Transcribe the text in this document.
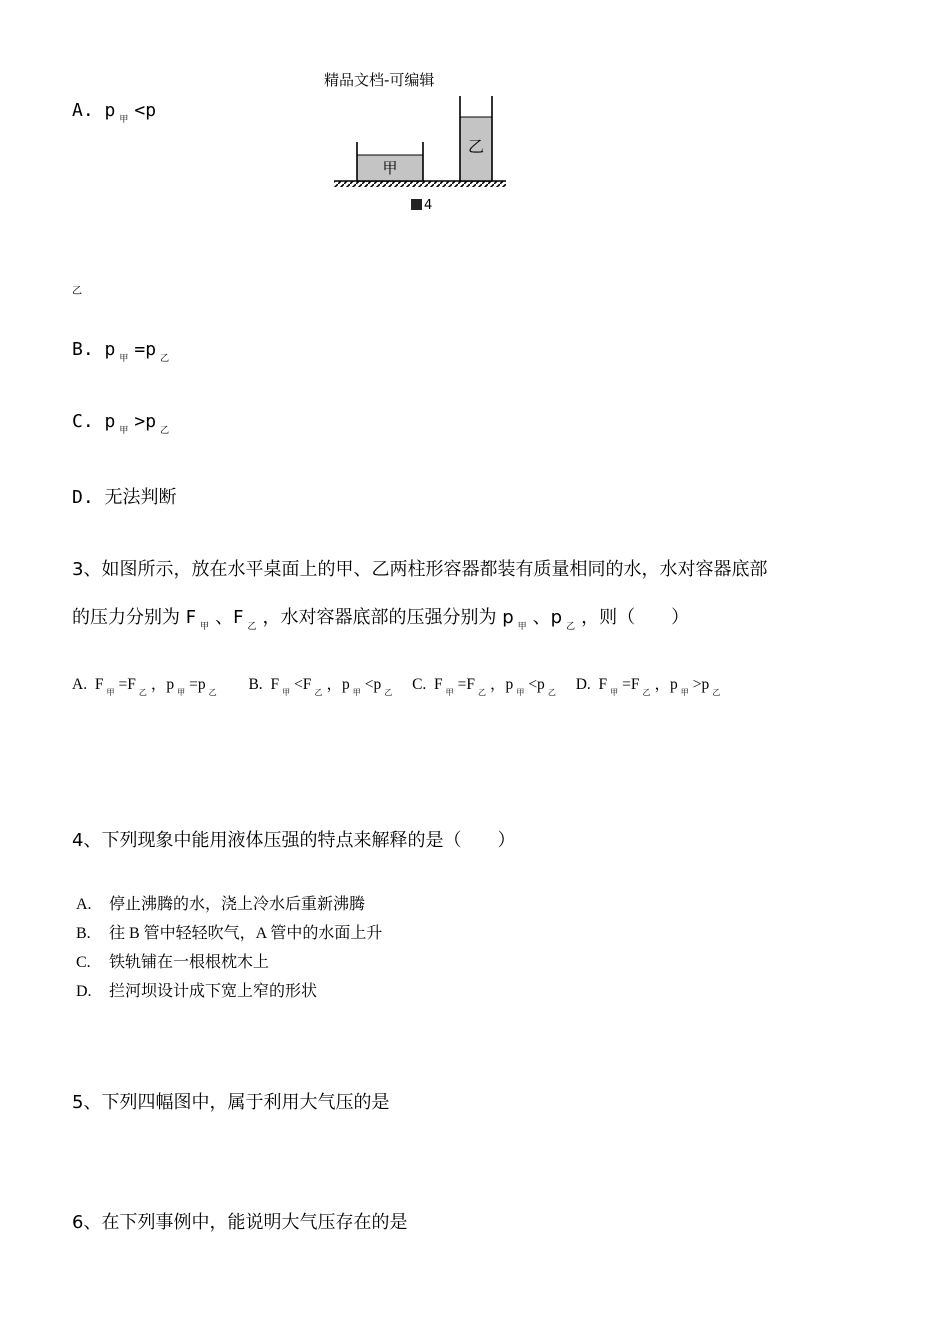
精品文档-可编辑
A. p $_甲$ <p
甲
乙
4
乙
B. p $_甲$ =p $_乙$
C. p $_甲$ >p $_乙$
D. 无法判断
3、如图所示，放在水平桌面上的甲、乙两柱形容器都装有质量相同的水，水对容器底部
的压力分别为 F $_甲$ 、F $_乙$ ，水对容器底部的压强分别为 p $_甲$ 、p $_乙$ ，则（　　）
A. F $_甲$ =F $_乙$ ，p $_甲$ =p $_乙$ B. F $_甲$ <F $_乙$ ，p $_甲$ <p $_乙$ C. F $_甲$ =F $_乙$ ，p $_甲$ <p $_乙$ D. F $_甲$ =F $_乙$ ，p $_甲$ >p $_乙$
4、下列现象中能用液体压强的特点来解释的是（　　）
A. 停止沸腾的水，浇上冷水后重新沸腾
B. 往 B 管中轻轻吹气，A 管中的水面上升
C. 铁轨铺在一根根枕木上
D. 拦河坝设计成下宽上窄的形状
5、下列四幅图中，属于利用大气压的是
6、在下列事例中，能说明大气压存在的是
